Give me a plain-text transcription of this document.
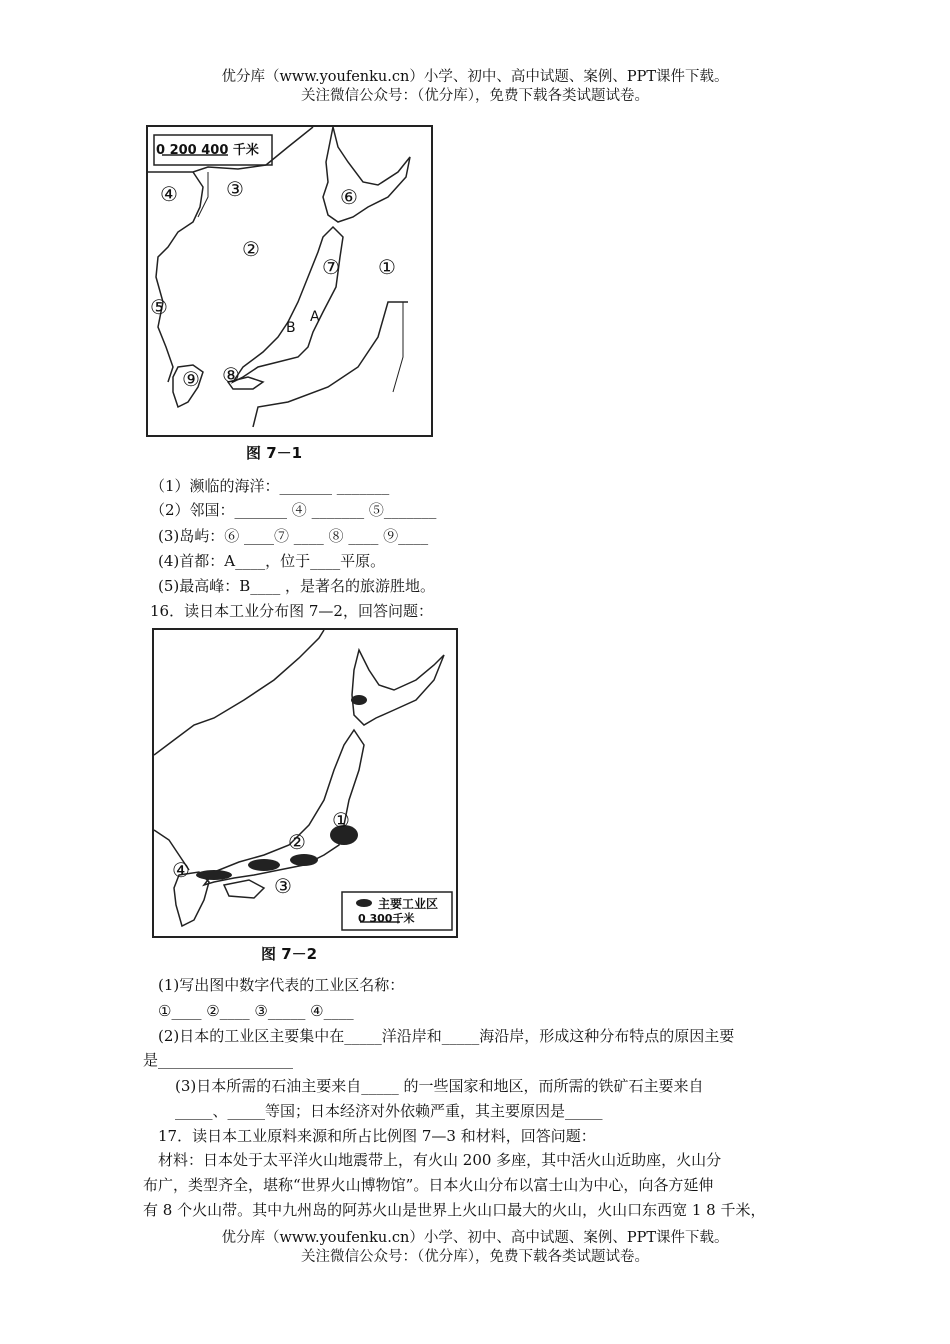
优分库（www.youfenku.cn）小学、初中、高中试题、案例、PPT课件下载。
关注微信公众号：（优分库），免费下载各类试题试卷。
0 200 400 千米
④ ③
②
⑥
⑦ ①
⑤
B
A
⑨ ⑧
图 7－1
（1）濒临的海洋：_______ _______
（2）邻国：_______ ④ _______ ⑤_______
(3)岛屿：⑥ ____⑦ ____ ⑧ ____ ⑨____
(4)首都：A____，位于____平原。
(5)最高峰：B____ ，是著名的旅游胜地。
16．读日本工业分布图 7—2，回答问题：
①
②
③
④
主要工业区
0 300千米
图 7－2
(1)写出图中数字代表的工业区名称：
①____ ②____ ③_____ ④____
(2)日本的工业区主要集中在_____洋沿岸和_____海沿岸，形成这种分布特点的原因主要
是__________________
(3)日本所需的石油主要来自_____ 的一些国家和地区，而所需的铁矿石主要来自
_____、_____等国；日本经济对外依赖严重，其主要原因是_____
17．读日本工业原料来源和所占比例图 7—3 和材料，回答问题：
材料：日本处于太平洋火山地震带上，有火山 200 多座，其中活火山近助座，火山分
布广，类型齐全，堪称“世界火山博物馆”。日本火山分布以富士山为中心，向各方延伸
有 8 个火山带。其中九州岛的阿苏火山是世界上火山口最大的火山，火山口东西宽 1 8 千米，
优分库（www.youfenku.cn）小学、初中、高中试题、案例、PPT课件下载。
关注微信公众号：（优分库），免费下载各类试题试卷。
